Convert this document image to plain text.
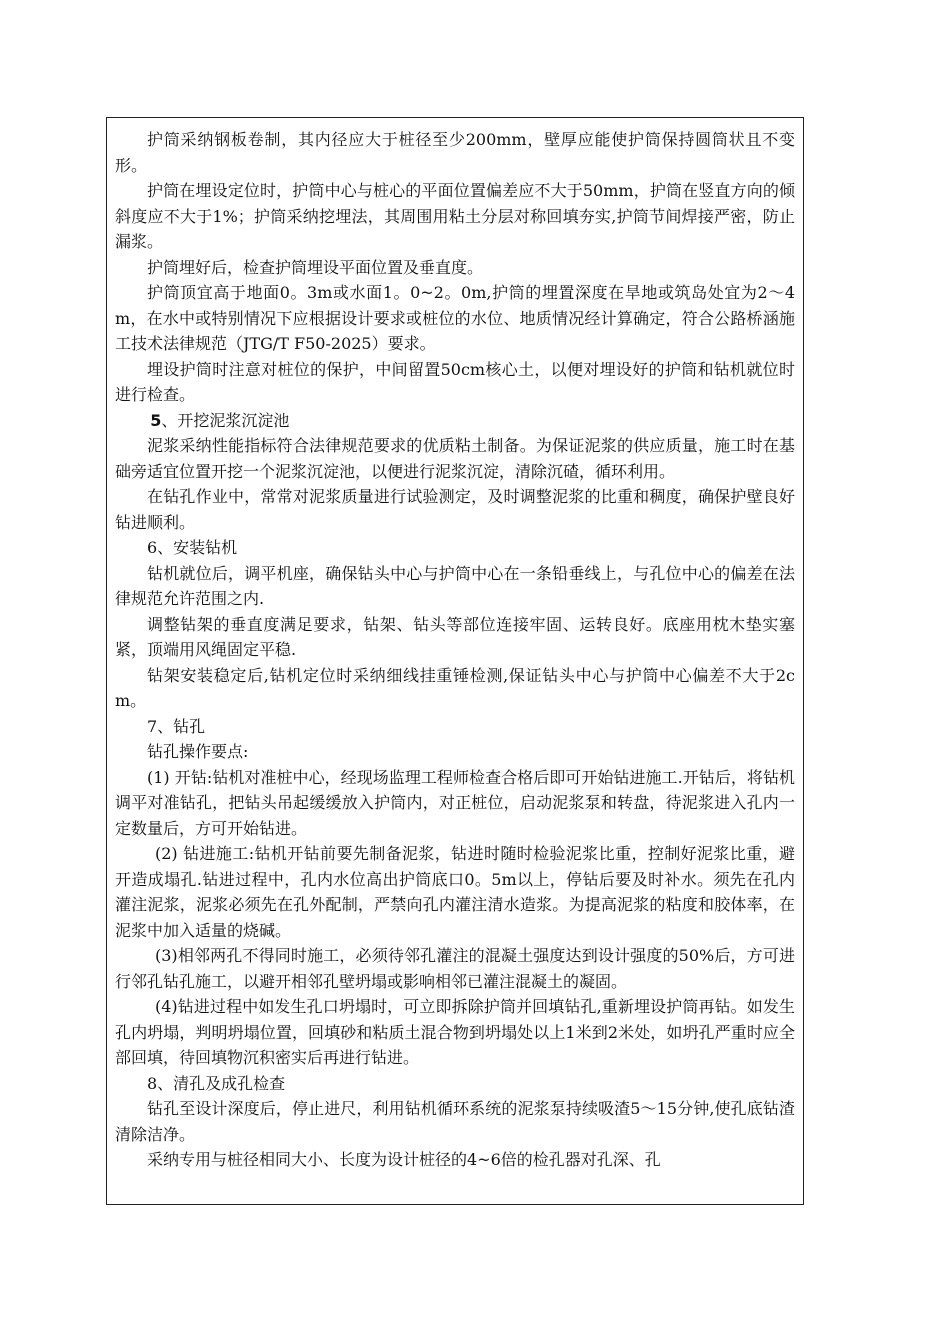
护筒采纳钢板卷制，其内径应大于桩径至少200mm，壁厚应能使护筒保持圆筒状且不变形。

护筒在埋设定位时，护筒中心与桩心的平面位置偏差应不大于50mm，护筒在竖直方向的倾斜度应不大于1%；护筒采纳挖埋法，其周围用粘土分层对称回填夯实,护筒节间焊接严密，防止漏浆。

护筒埋好后，检查护筒埋设平面位置及垂直度。

护筒顶宜高于地面0。3m或水面1。0~2。0m,护筒的埋置深度在旱地或筑岛处宜为2～4m，在水中或特别情况下应根据设计要求或桩位的水位、地质情况经计算确定，符合公路桥涵施工技术法律规范（JTG/T F50-2025）要求。

埋设护筒时注意对桩位的保护，中间留置50cm核心土，以便对埋设好的护筒和钻机就位时进行检查。

5、开挖泥浆沉淀池

泥浆采纳性能指标符合法律规范要求的优质粘土制备。为保证泥浆的供应质量，施工时在基础旁适宜位置开挖一个泥浆沉淀池，以便进行泥浆沉淀，清除沉碴，循环利用。

在钻孔作业中，常常对泥浆质量进行试验测定，及时调整泥浆的比重和稠度，确保护壁良好钻进顺利。

6、安装钻机

钻机就位后，调平机座，确保钻头中心与护筒中心在一条铅垂线上，与孔位中心的偏差在法律规范允许范围之内.

调整钻架的垂直度满足要求，钻架、钻头等部位连接牢固、运转良好。底座用枕木垫实塞紧，顶端用风绳固定平稳.

钻架安装稳定后,钻机定位时采纳细线挂重锤检测,保证钻头中心与护筒中心偏差不大于2cm。

7、钻孔

钻孔操作要点:

(1) 开钻:钻机对准桩中心，经现场监理工程师检查合格后即可开始钻进施工.开钻后，将钻机调平对准钻孔，把钻头吊起缓缓放入护筒内，对正桩位，启动泥浆泵和转盘，待泥浆进入孔内一定数量后，方可开始钻进。

(2) 钻进施工:钻机开钻前要先制备泥浆，钻进时随时检验泥浆比重，控制好泥浆比重，避开造成塌孔.钻进过程中，孔内水位高出护筒底口0。5m以上，停钻后要及时补水。须先在孔内灌注泥浆，泥浆必须先在孔外配制，严禁向孔内灌注清水造浆。为提高泥浆的粘度和胶体率，在泥浆中加入适量的烧碱。

(3)相邻两孔不得同时施工，必须待邻孔灌注的混凝土强度达到设计强度的50%后，方可进行邻孔钻孔施工，以避开相邻孔壁坍塌或影响相邻已灌注混凝土的凝固。

(4)钻进过程中如发生孔口坍塌时，可立即拆除护筒并回填钻孔,重新埋设护筒再钻。如发生孔内坍塌，判明坍塌位置，回填砂和粘质土混合物到坍塌处以上1米到2米处，如坍孔严重时应全部回填，待回填物沉积密实后再进行钻进。

8、清孔及成孔检查

钻孔至设计深度后，停止进尺，利用钻机循环系统的泥浆泵持续吸渣5～15分钟,使孔底钻渣清除洁净。

采纳专用与桩径相同大小、长度为设计桩径的4~6倍的检孔器对孔深、孔
